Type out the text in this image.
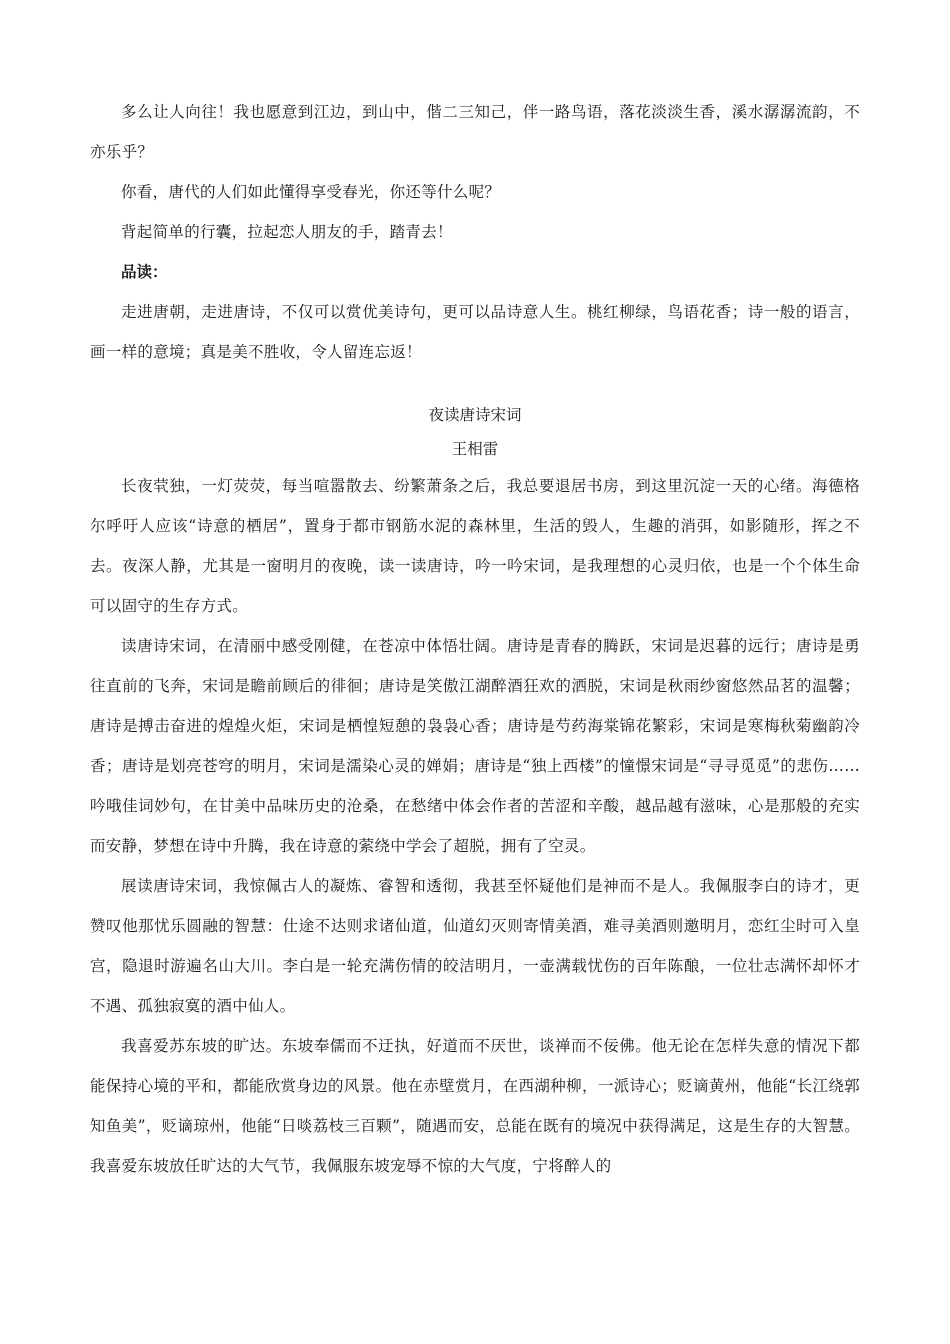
多么让人向往！我也愿意到江边，到山中，偕二三知己，伴一路鸟语，落花淡淡生香，溪水潺潺流韵，不亦乐乎？

你看，唐代的人们如此懂得享受春光，你还等什么呢？

背起简单的行囊，拉起恋人朋友的手，踏青去！

品读：

走进唐朝，走进唐诗，不仅可以赏优美诗句，更可以品诗意人生。桃红柳绿，鸟语花香；诗一般的语言，画一样的意境；真是美不胜收，令人留连忘返！

夜读唐诗宋词

王相雷

长夜茕独，一灯荧荧，每当喧嚣散去、纷繁萧条之后，我总要退居书房，到这里沉淀一天的心绪。海德格尔呼吁人应该“诗意的栖居”，置身于都市钢筋水泥的森林里，生活的毁人，生趣的消弭，如影随形，挥之不去。夜深人静，尤其是一窗明月的夜晚，读一读唐诗，吟一吟宋词，是我理想的心灵归依，也是一个个体生命可以固守的生存方式。

读唐诗宋词，在清丽中感受刚健，在苍凉中体悟壮阔。唐诗是青春的腾跃，宋词是迟暮的远行；唐诗是勇往直前的飞奔，宋词是瞻前顾后的徘徊；唐诗是笑傲江湖醉酒狂欢的洒脱，宋词是秋雨纱窗悠然品茗的温馨；唐诗是搏击奋进的煌煌火炬，宋词是栖惶短憩的袅袅心香；唐诗是芍药海棠锦花繁彩，宋词是寒梅秋菊幽韵冷香；唐诗是划亮苍穹的明月，宋词是濡染心灵的婵娟；唐诗是“独上西楼”的憧憬宋词是“寻寻觅觅”的悲伤……吟哦佳词妙句，在甘美中品味历史的沧桑，在愁绪中体会作者的苦涩和辛酸，越品越有滋味，心是那般的充实而安静，梦想在诗中升腾，我在诗意的萦绕中学会了超脱，拥有了空灵。

展读唐诗宋词，我惊佩古人的凝炼、睿智和透彻，我甚至怀疑他们是神而不是人。我佩服李白的诗才，更赞叹他那忧乐圆融的智慧：仕途不达则求诸仙道，仙道幻灭则寄情美酒，难寻美酒则邀明月，恋红尘时可入皇宫，隐退时游遍名山大川。李白是一轮充满伤情的皎洁明月，一壶满载忧伤的百年陈酿，一位壮志满怀却怀才不遇、孤独寂寞的酒中仙人。

我喜爱苏东坡的旷达。东坡奉儒而不迂执，好道而不厌世，谈禅而不佞佛。他无论在怎样失意的情况下都能保持心境的平和，都能欣赏身边的风景。他在赤壁赏月，在西湖种柳，一派诗心；贬谪黄州，他能“长江绕郭知鱼美”，贬谪琼州，他能“日啖荔枝三百颗”，随遇而安，总能在既有的境况中获得满足，这是生存的大智慧。我喜爱东坡放任旷达的大气节，我佩服东坡宠辱不惊的大气度，宁将醉人的
